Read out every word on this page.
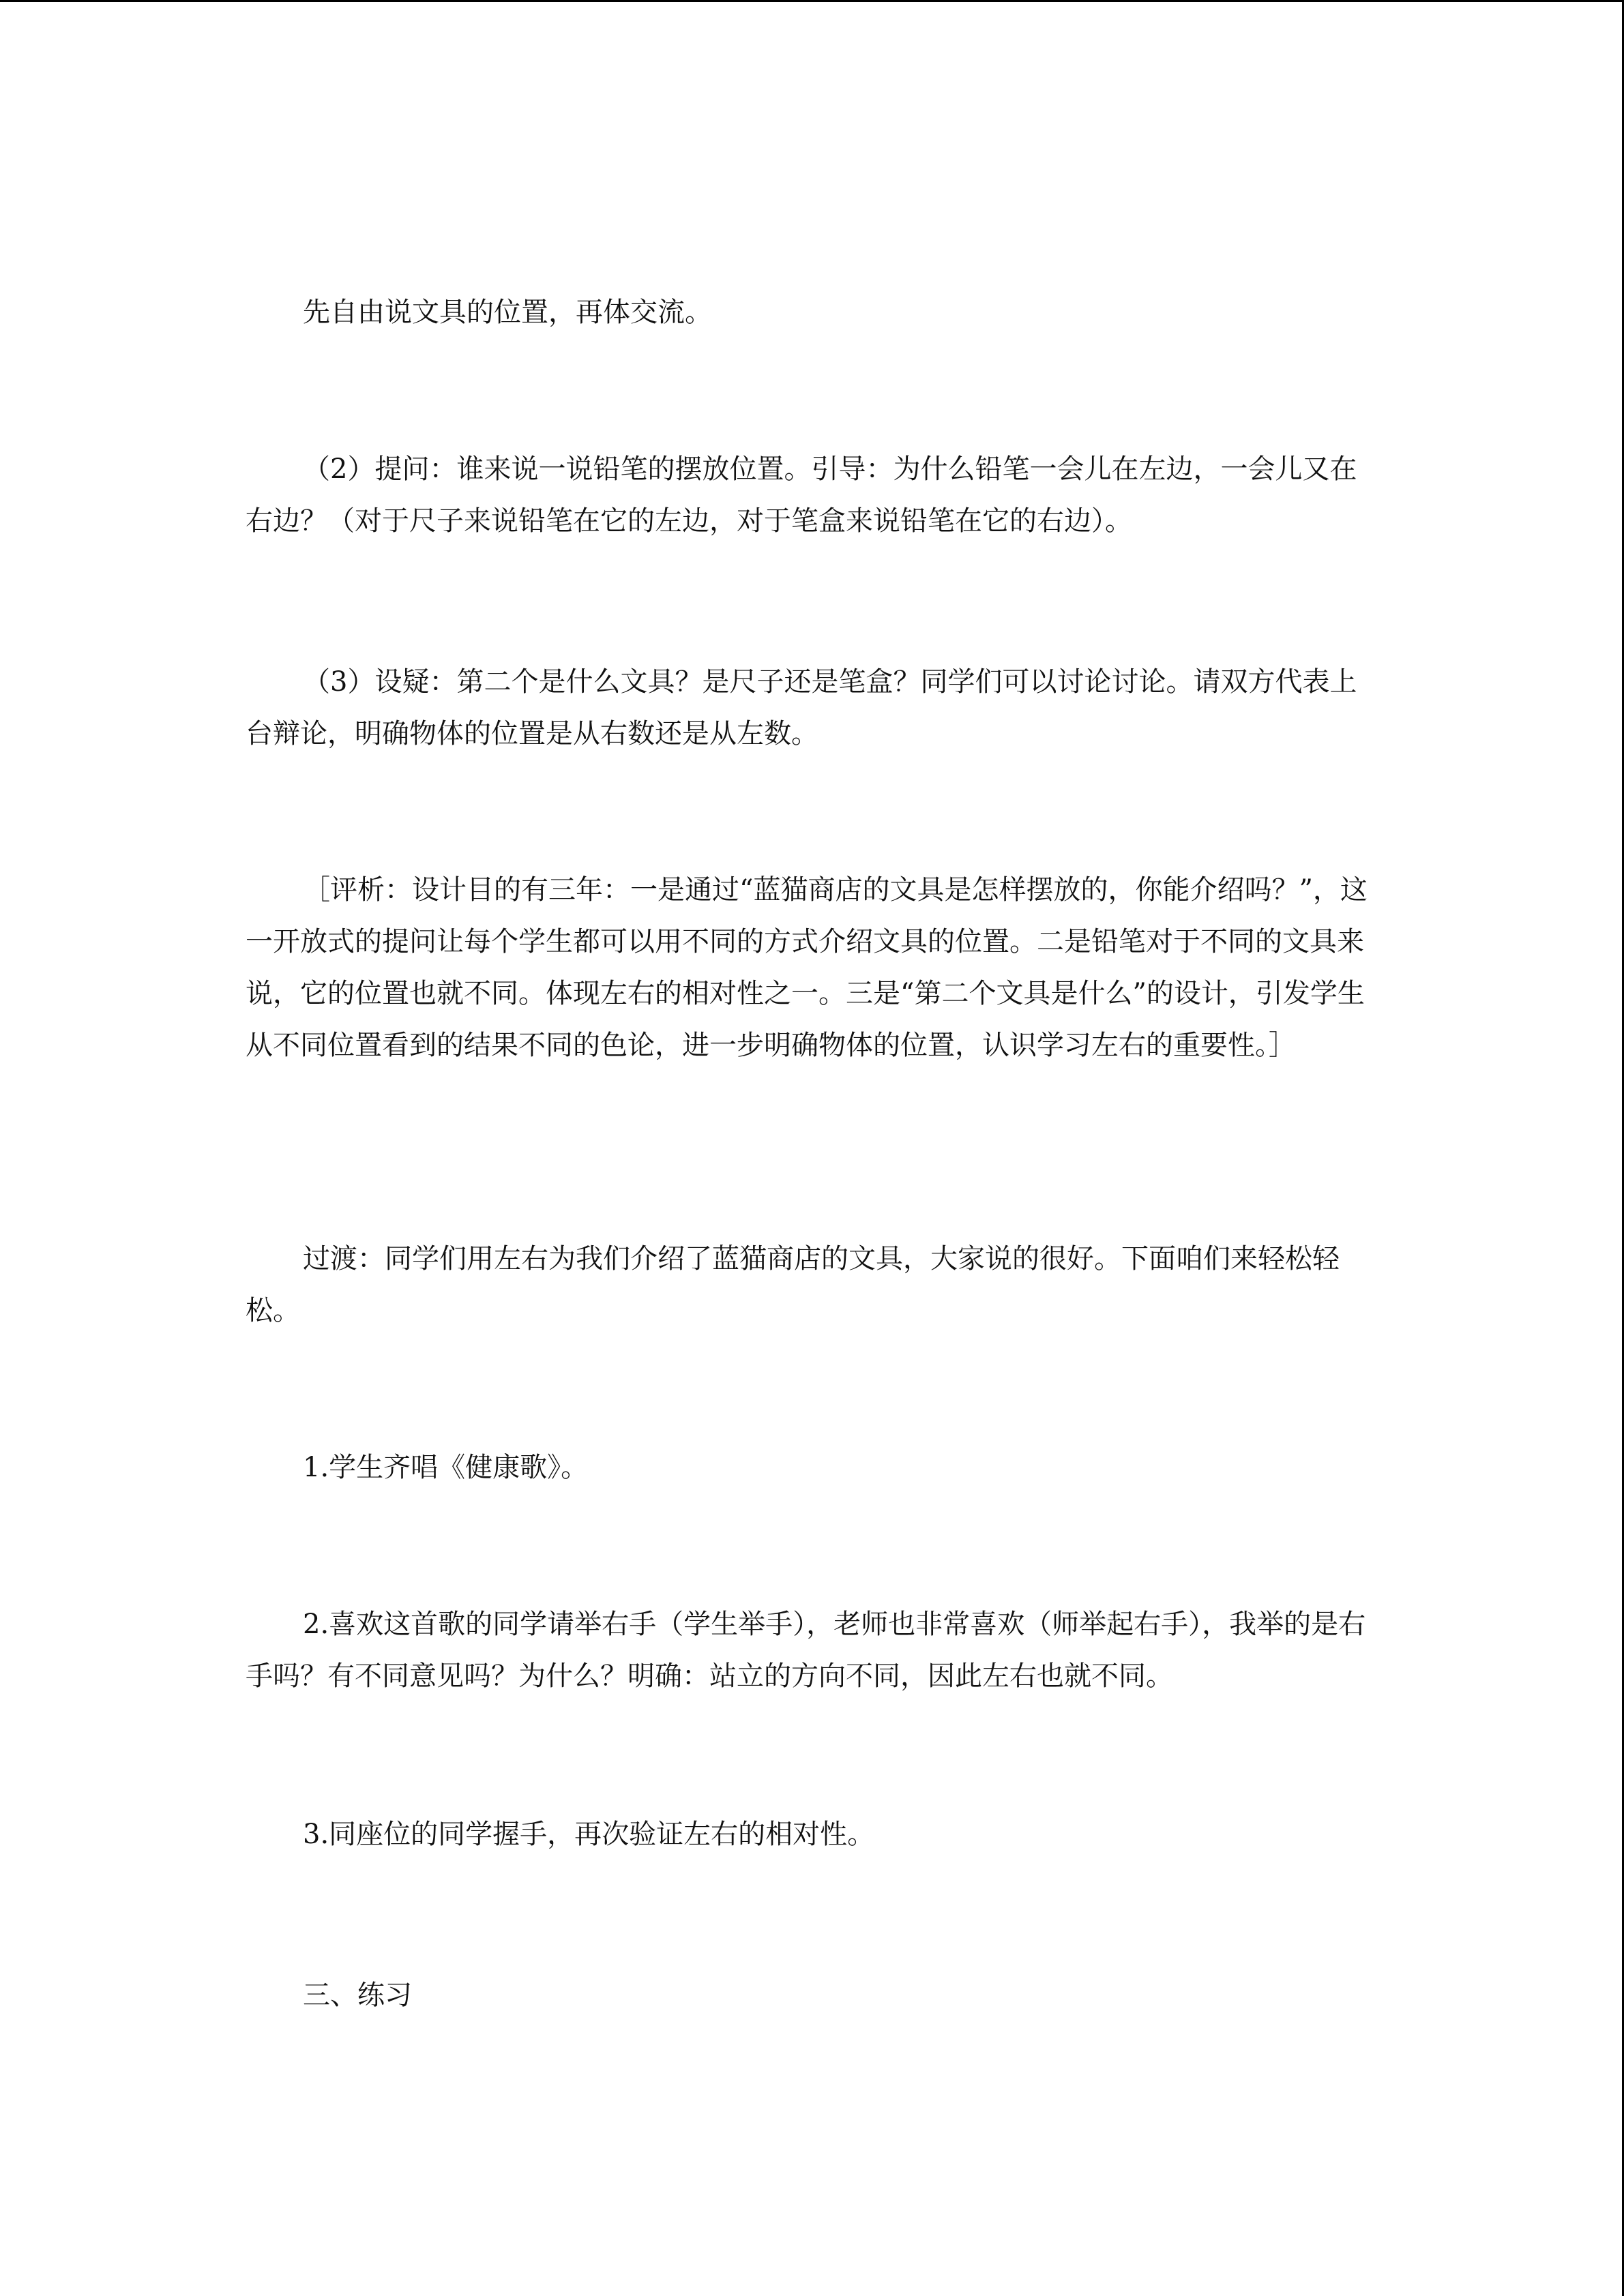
先自由说文具的位置，再体交流。

（2）提问：谁来说一说铅笔的摆放位置。引导：为什么铅笔一会儿在左边，一会儿又在右边？（对于尺子来说铅笔在它的左边，对于笔盒来说铅笔在它的右边）。

（3）设疑：第二个是什么文具？是尺子还是笔盒？同学们可以讨论讨论。请双方代表上台辩论，明确物体的位置是从右数还是从左数。

［评析：设计目的有三年：一是通过“蓝猫商店的文具是怎样摆放的，你能介绍吗？”，这一开放式的提问让每个学生都可以用不同的方式介绍文具的位置。二是铅笔对于不同的文具来说，它的位置也就不同。体现左右的相对性之一。三是“第二个文具是什么”的设计，引发学生从不同位置看到的结果不同的色论，进一步明确物体的位置，认识学习左右的重要性。］

过渡：同学们用左右为我们介绍了蓝猫商店的文具，大家说的很好。下面咱们来轻松轻松。

1.学生齐唱《健康歌》。

2.喜欢这首歌的同学请举右手（学生举手），老师也非常喜欢（师举起右手），我举的是右手吗？有不同意见吗？为什么？明确：站立的方向不同，因此左右也就不同。

3.同座位的同学握手，再次验证左右的相对性。

三、练习
